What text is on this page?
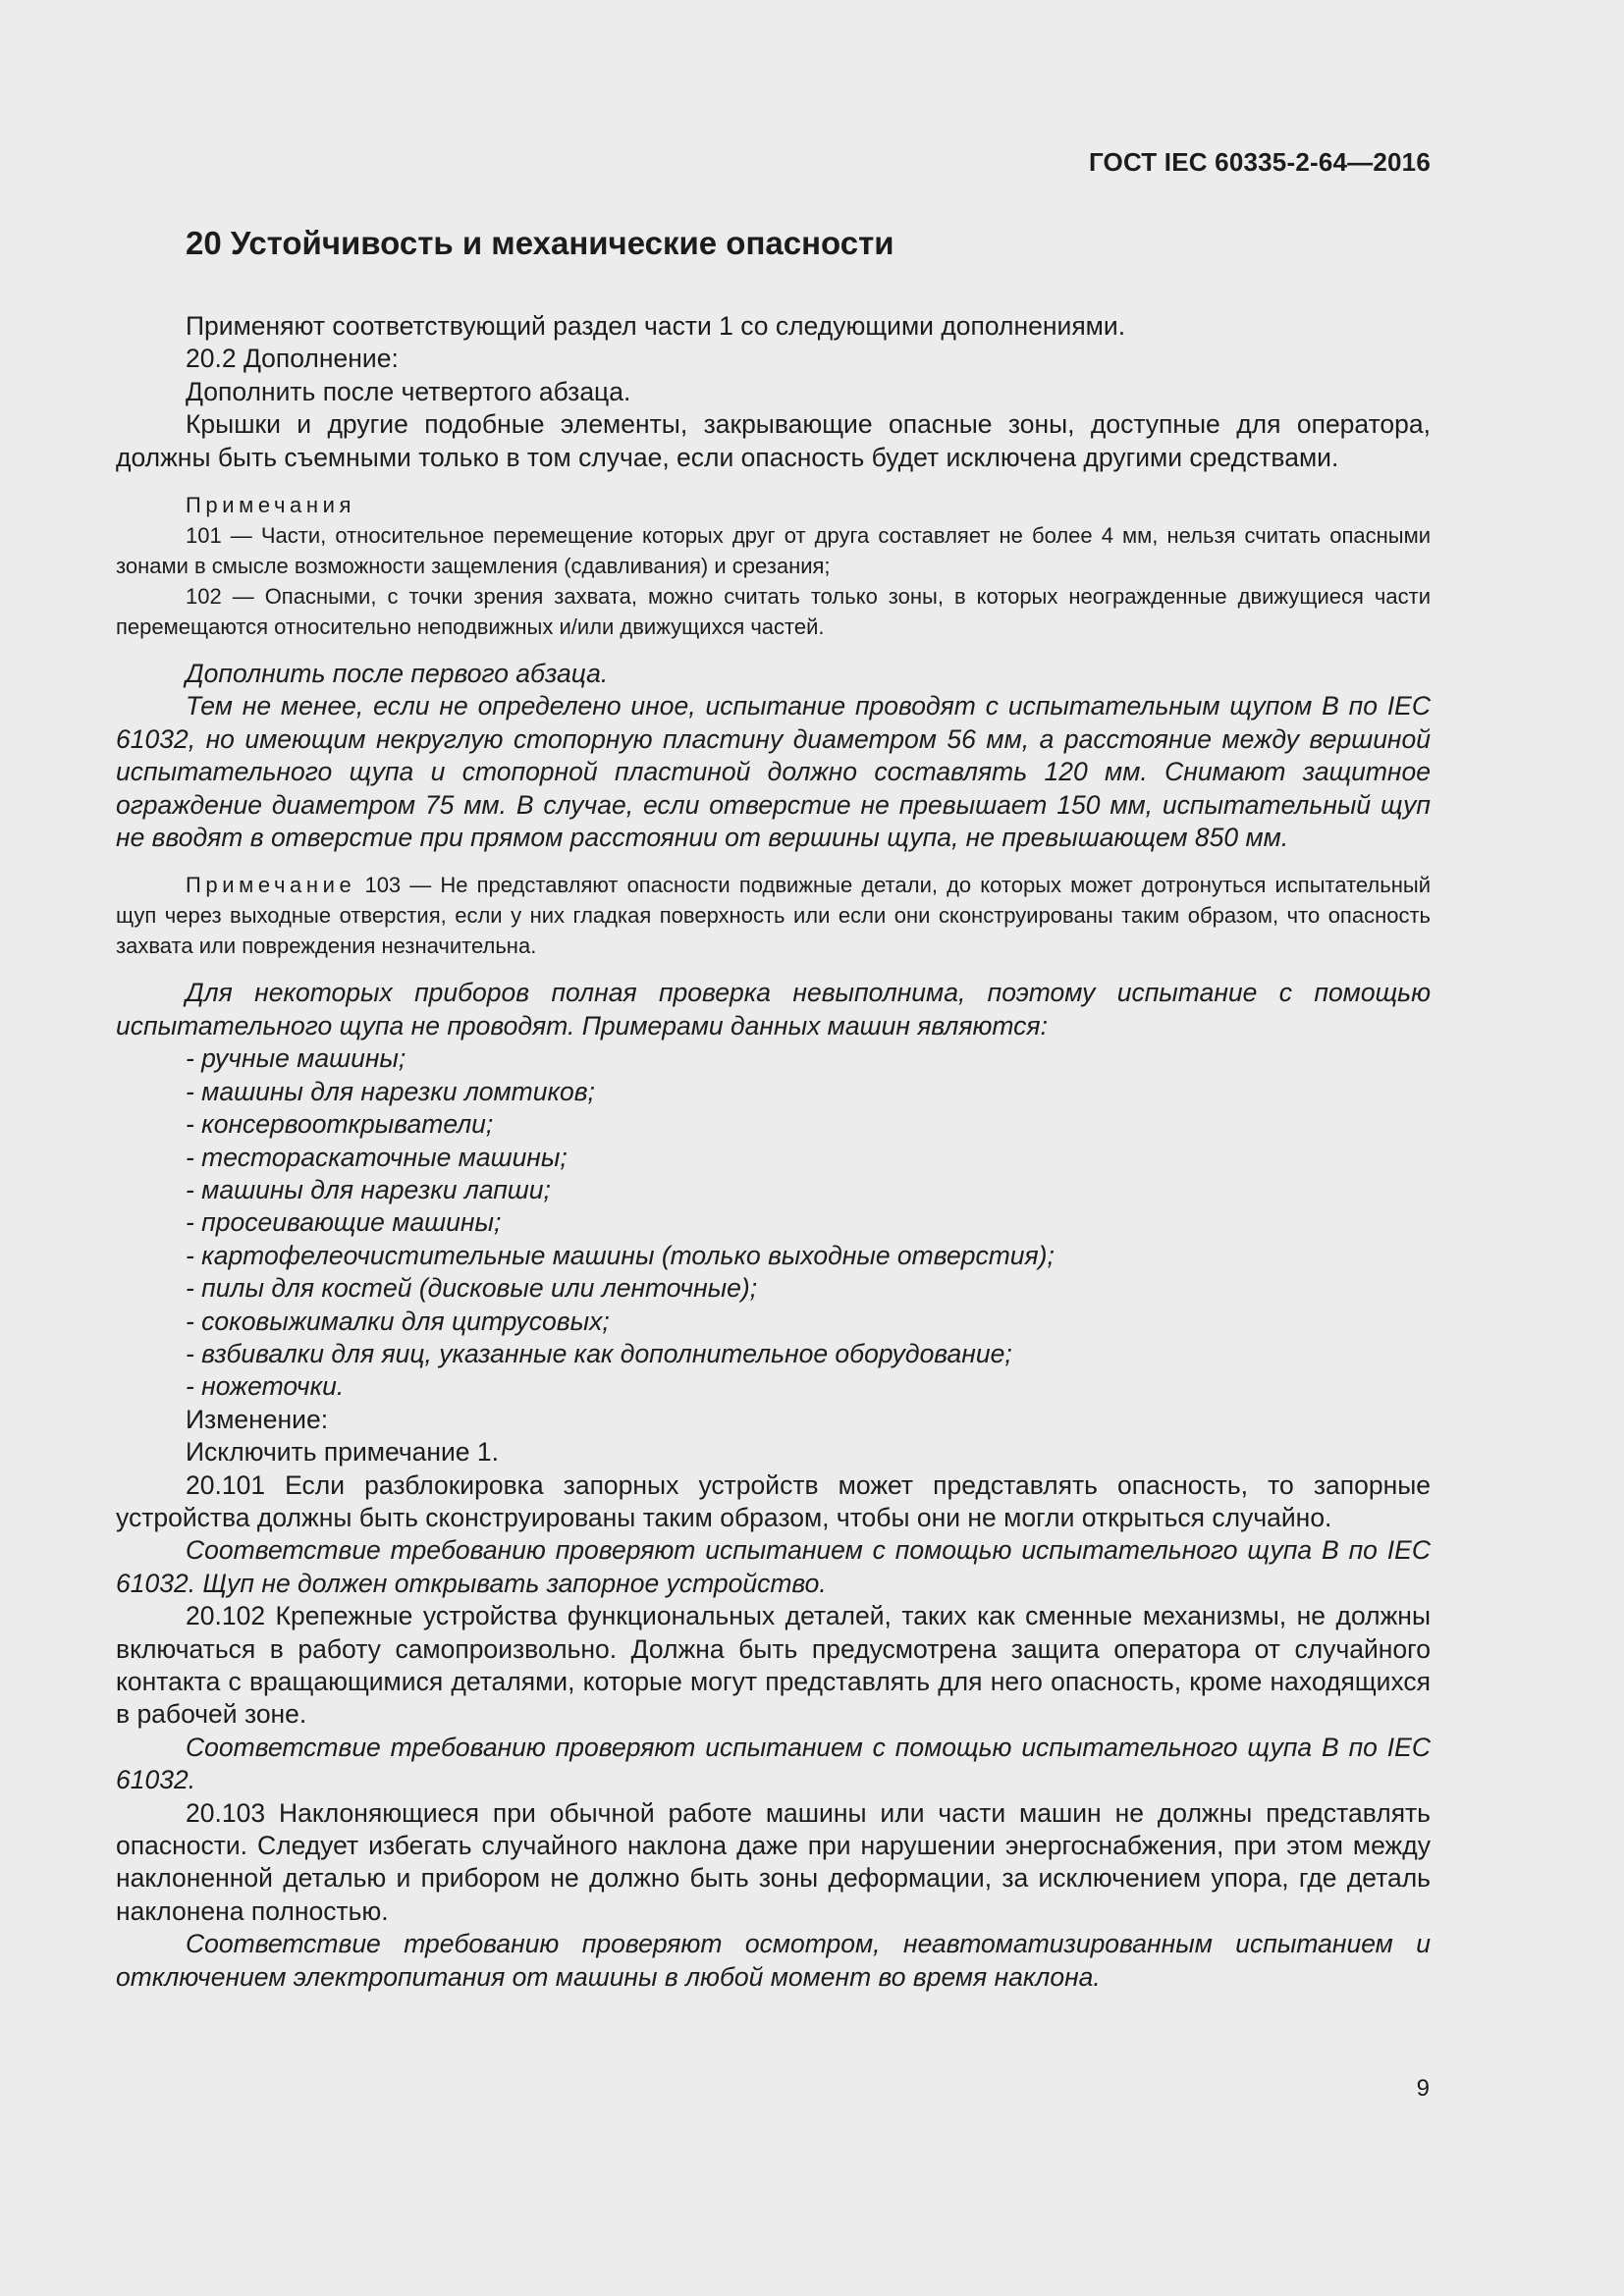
ГОСТ IEC 60335-2-64—2016
20 Устойчивость и механические опасности

Применяют соответствующий раздел части 1 со следующими дополнениями.

20.2 Дополнение:

Дополнить после четвертого абзаца.

Крышки и другие подобные элементы, закрывающие опасные зоны, доступные для оператора, должны быть съемными только в том случае, если опасность будет исключена другими средствами.

Примечания

101 — Части, относительное перемещение которых друг от друга составляет не более 4 мм, нельзя считать опасными зонами в смысле возможности защемления (сдавливания) и срезания;

102 — Опасными, с точки зрения захвата, можно считать только зоны, в которых неогражденные движущиеся части перемещаются относительно неподвижных и/или движущихся частей.

Дополнить после первого абзаца.

Тем не менее, если не определено иное, испытание проводят с испытательным щупом В по IEC 61032, но имеющим некруглую стопорную пластину диаметром 56 мм, а расстояние между вершиной испытательного щупа и стопорной пластиной должно составлять 120 мм. Снимают защитное ограждение диаметром 75 мм. В случае, если отверстие не превышает 150 мм, испытательный щуп не вводят в отверстие при прямом расстоянии от вершины щупа, не превышающем 850 мм.

Примечание 103 — Не представляют опасности подвижные детали, до которых может дотронуться испытательный щуп через выходные отверстия, если у них гладкая поверхность или если они сконструированы таким образом, что опасность захвата или повреждения незначительна.

Для некоторых приборов полная проверка невыполнима, поэтому испытание с помощью испытательного щупа не проводят. Примерами данных машин являются:

- ручные машины;
- машины для нарезки ломтиков;
- консервооткрыватели;
- тестораскаточные машины;
- машины для нарезки лапши;
- просеивающие машины;
- картофелеочистительные машины (только выходные отверстия);
- пилы для костей (дисковые или ленточные);
- соковыжималки для цитрусовых;
- взбивалки для яиц, указанные как дополнительное оборудование;
- ножеточки.

Изменение:

Исключить примечание 1.

20.101 Если разблокировка запорных устройств может представлять опасность, то запорные устройства должны быть сконструированы таким образом, чтобы они не могли открыться случайно.

Соответствие требованию проверяют испытанием с помощью испытательного щупа В по IEC 61032. Щуп не должен открывать запорное устройство.

20.102 Крепежные устройства функциональных деталей, таких как сменные механизмы, не должны включаться в работу самопроизвольно. Должна быть предусмотрена защита оператора от случайного контакта с вращающимися деталями, которые могут представлять для него опасность, кроме находящихся в рабочей зоне.

Соответствие требованию проверяют испытанием с помощью испытательного щупа В по IEC 61032.

20.103 Наклоняющиеся при обычной работе машины или части машин не должны представлять опасности. Следует избегать случайного наклона даже при нарушении энергоснабжения, при этом между наклоненной деталью и прибором не должно быть зоны деформации, за исключением упора, где деталь наклонена полностью.

Соответствие требованию проверяют осмотром, неавтоматизированным испытанием и отключением электропитания от машины в любой момент во время наклона.

9
